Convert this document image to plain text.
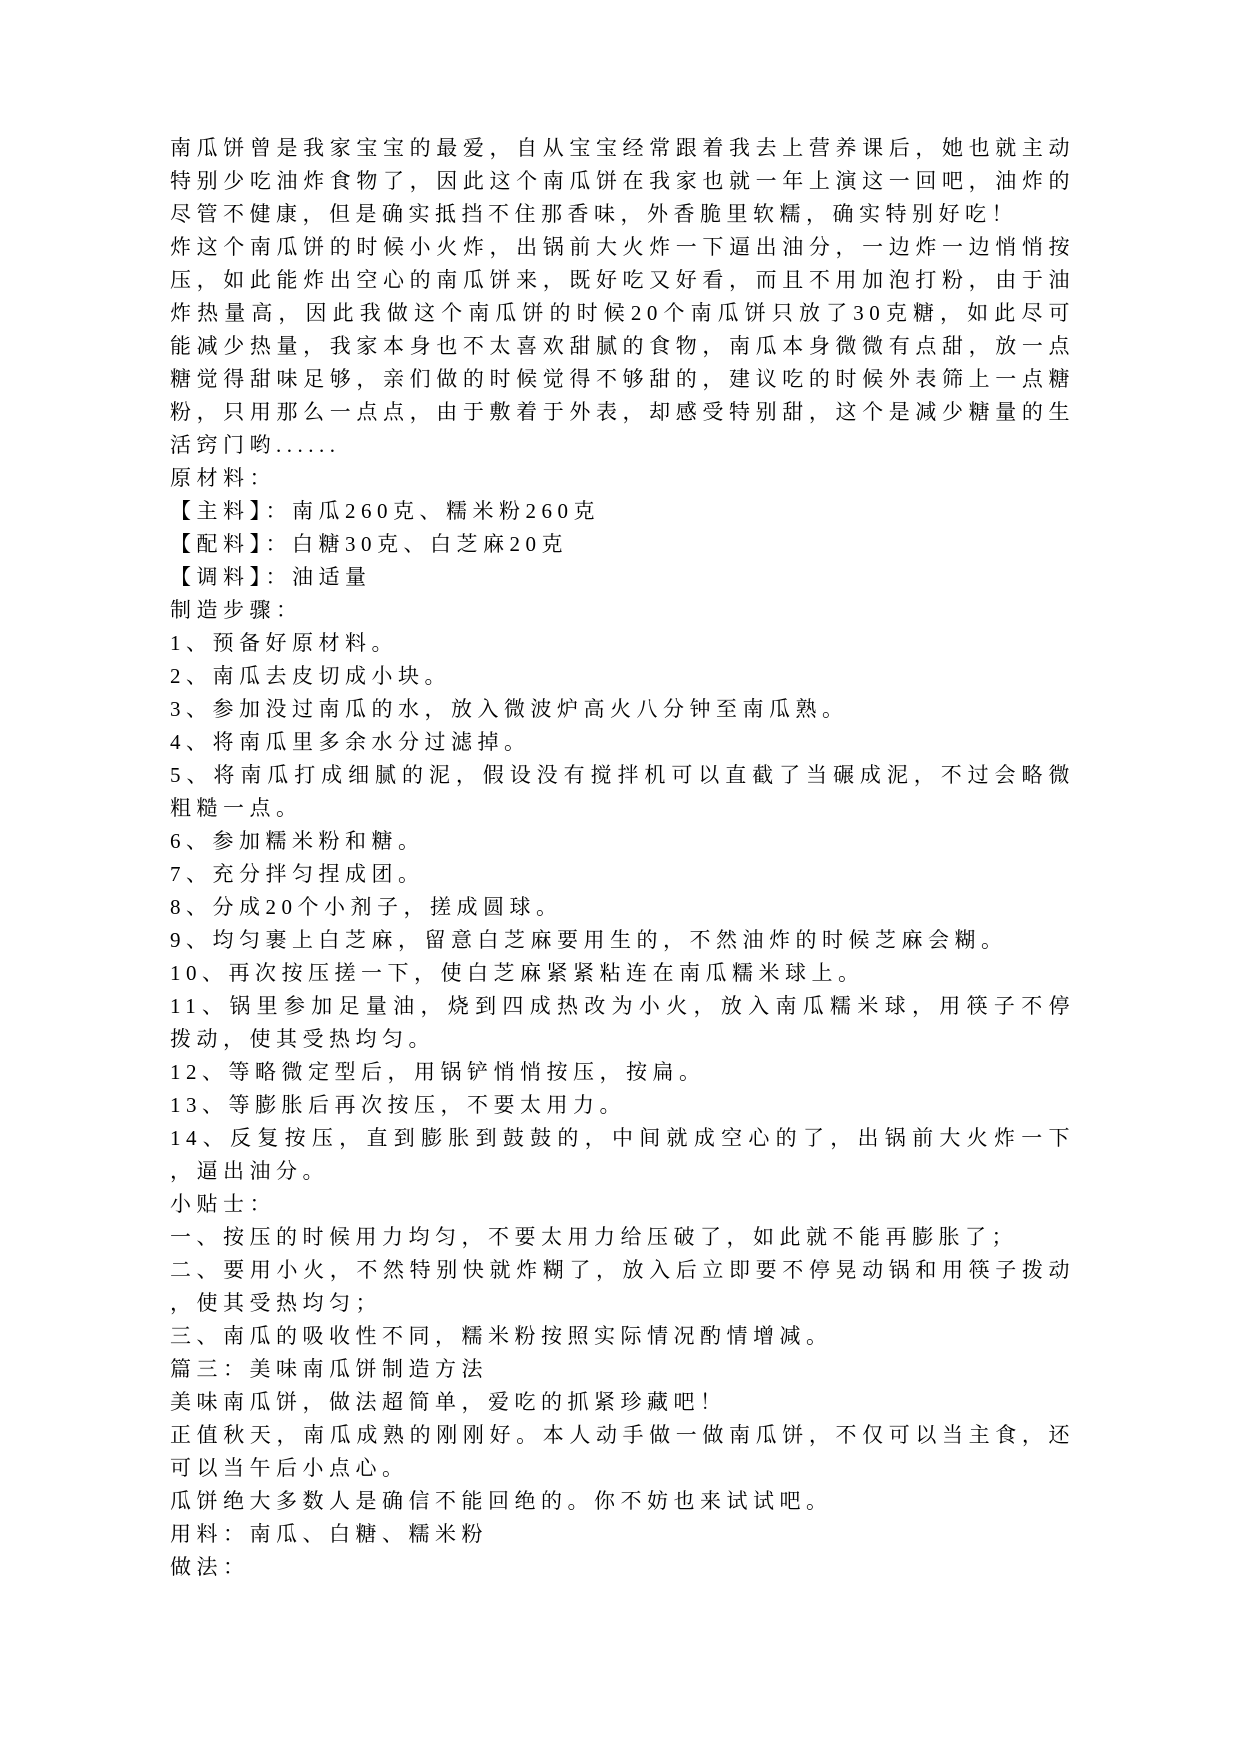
南瓜饼曾是我家宝宝的最爱，自从宝宝经常跟着我去上营养课后，她也就主动特别少吃油炸食物了，因此这个南瓜饼在我家也就一年上演这一回吧，油炸的尽管不健康，但是确实抵挡不住那香味，外香脆里软糯，确实特别好吃！

炸这个南瓜饼的时候小火炸，出锅前大火炸一下逼出油分，一边炸一边悄悄按压，如此能炸出空心的南瓜饼来，既好吃又好看，而且不用加泡打粉，由于油炸热量高，因此我做这个南瓜饼的时候20个南瓜饼只放了30克糖，如此尽可能减少热量，我家本身也不太喜欢甜腻的食物，南瓜本身微微有点甜，放一点糖觉得甜味足够，亲们做的时候觉得不够甜的，建议吃的时候外表筛上一点糖粉，只用那么一点点，由于敷着于外表，却感受特别甜，这个是减少糖量的生活窍门哟......

原材料：

【主料】：南瓜260克、糯米粉260克

【配料】：白糖30克、白芝麻20克

【调料】：油适量

制造步骤：

1、预备好原材料。

2、南瓜去皮切成小块。

3、参加没过南瓜的水，放入微波炉高火八分钟至南瓜熟。

4、将南瓜里多余水分过滤掉。

5、将南瓜打成细腻的泥，假设没有搅拌机可以直截了当碾成泥，不过会略微粗糙一点。

6、参加糯米粉和糖。

7、充分拌匀捏成团。

8、分成20个小剂子，搓成圆球。

9、均匀裹上白芝麻，留意白芝麻要用生的，不然油炸的时候芝麻会糊。

10、再次按压搓一下，使白芝麻紧紧粘连在南瓜糯米球上。

11、锅里参加足量油，烧到四成热改为小火，放入南瓜糯米球，用筷子不停拨动，使其受热均匀。

12、等略微定型后，用锅铲悄悄按压，按扁。

13、等膨胀后再次按压，不要太用力。

14、反复按压，直到膨胀到鼓鼓的，中间就成空心的了，出锅前大火炸一下，逼出油分。

小贴士：

一、按压的时候用力均匀，不要太用力给压破了，如此就不能再膨胀了；

二、要用小火，不然特别快就炸糊了，放入后立即要不停晃动锅和用筷子拨动，使其受热均匀；

三、南瓜的吸收性不同，糯米粉按照实际情况酌情增减。

篇三：美味南瓜饼制造方法

美味南瓜饼，做法超简单，爱吃的抓紧珍藏吧！

正值秋天，南瓜成熟的刚刚好。本人动手做一做南瓜饼，不仅可以当主食，还可以当午后小点心。

瓜饼绝大多数人是确信不能回绝的。你不妨也来试试吧。

用料：南瓜、白糖、糯米粉

做法：
